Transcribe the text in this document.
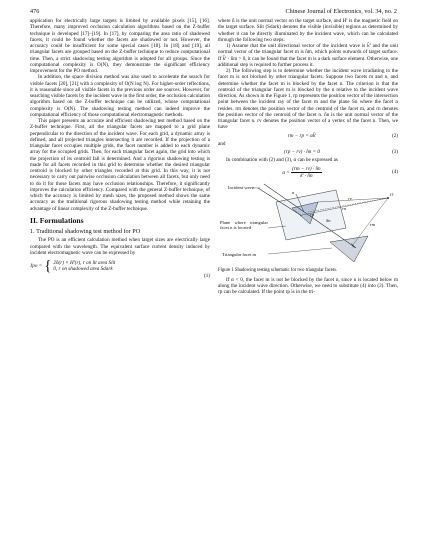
476	Chinese Journal of Electronics, vol. 34, no. 2

application for electrically large targets is limited by available pixels [15], [16]. Therefore, many improved occlusion calculation algorithms based on the Z-buffer technique is developed [17]–[19]. In [17], by comparing the area ratio of shadowed facets, it could be found whether the facets are shadowed or not. However, the accuracy could be insufficient for some special cases [18]. In [18] and [19], all triangular facets are grouped based on the Z-buffer technique to reduce computational time. Then, a strict shadowing testing algorithm is adopted for all groups. Since the computational complexity is O(N), they demonstrate the significant efficiency improvement for the PO method.

In addition, the space division method was also used to accelerate the search for visible facets [20], [21] with a complexity of O(N log N). For higher-order reflections, it is reasonable since all visible facets in the previous order are sources. However, for searching visible facets by the incident wave in the first order, the occlusion calculation algorithm based on the Z-buffer technique can be utilized, whose computational complexity is O(N). The shadowing testing method can indeed improve the computational efficiency of those computational electromagnetic methods.

This paper presents an accurate and efficient shadowing test method based on the Z-buffer technique. First, all the triangular facets are mapped to a grid plane perpendicular to the direction of the incident wave. For each grid, a dynamic array is defined, and all projected triangles intersecting it are recorded. If the projection of a triangular facet occupies multiple grids, the facet number is added to each dynamic array for the occupied grids. Then, for each triangular facet again, the grid into which the projection of its centroid fall is determined. And a rigorous shadowing testing is made for all facets recorded in this grid to determine whether the desired triangular centroid is blocked by other triangles recorded at this grid. In this way, it is not necessary to carry out pairwise occlusion calculation between all facets, but only need to do it for those facets may have occlusion relationships. Therefore, it significantly improves the calculation efficiency. Compared with the general Z-buffer technique, of which the accuracy is limited by mesh sizes, the proposed method shows the same accuracy as the traditional rigorous shadowing testing method while retaining the advantage of linear complexity of the Z-buffer technique.

II. Formulations
1. Traditional shadowing test method for PO

The PO is an efficient calculation method when target sizes are electrically large compared with the wavelength. The equivalent surface current density induced by incident electromagnetic wave can be expressed by

Jpo = { 2n̂(r) × Hⁱ(r), r on lit area Slit
0, r on shadowed area Sdark
(1)

where n̂ is the unit normal vector on the target surface, and Hⁱ is the magnetic field on the target surface. Slit (Sdark) denotes the visible (invisible) regions as determined by whether it can be directly illuminated by the incident wave, which can be calculated through the following two steps:

1) Assume that the unit directional vector of the incident wave is k̂ⁱ and the unit normal vector of the triangular facet m is n̂m, which points outwards of target surface. If k̂ⁱ · n̂m > 0, it can be found that the facet m is a dark surface element. Otherwise, one additional step is required to further process it.

2) The following step is to determine whether the incident wave irradiating to the facet m is not blocked by other triangular facets. Suppose two facets m and n, and determine whether the facet m is blocked by the facet n. The criterion is that the centroid of the triangular facet m is blocked by the n relative to the incident wave direction. As shown in the Figure 1, rp represents the position vector of the intersection point between the incident ray of the facet m and the plane Sn where the facet n resides. rm denotes the position vector of the centroid of the facet m, and rn denotes the position vector of the centroid of the facet n. n̂n is the unit normal vector of the triangular facet n. rv denotes the position vector of a vertex of the facet n. Then, we have

rm − rp = αk̂ⁱ	(2)

and

(rp − rv) · n̂n = 0	(3)

In combination with (2) and (3), α can be expressed as

$\alpha = \frac{(rm - rv) \cdot n̂n}{\text{k̂ⁱ · n̂n}}$	(4)
Incident wave
Plane where triangular facet n is located
Triangular facet m
n
Sn
rp
rv
rm
rn
O
Figure 1 Shadowing testing schematic for two triangular facets.

If α < 0, the facet m is not be blocked by the facet n, since n is located below m along the incident wave direction. Otherwise, we need to substitute (4) into (2). Then, rp can be calculated. If the point rp is in the tri-
